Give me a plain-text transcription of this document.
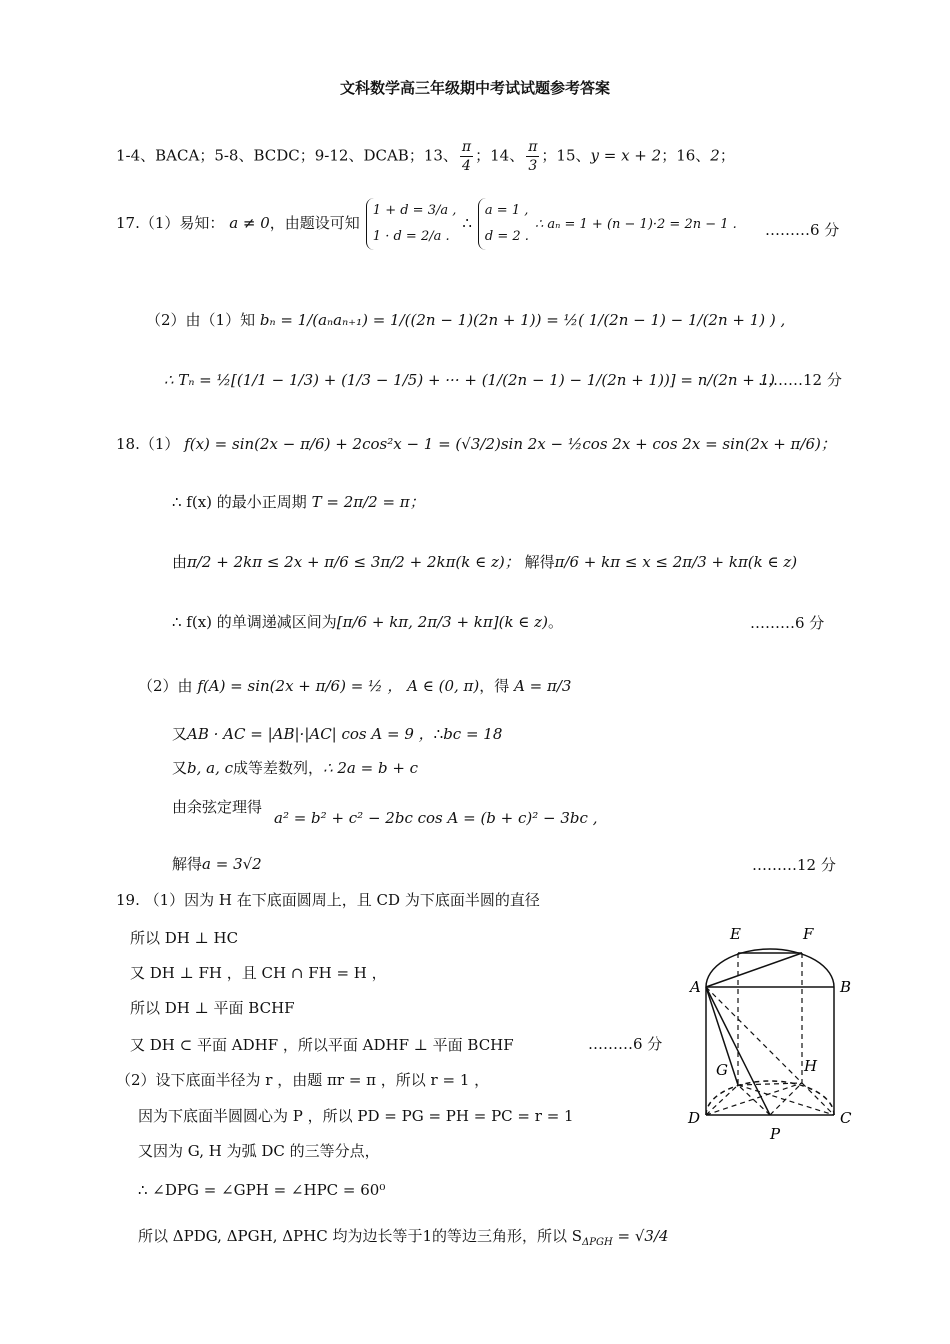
文科数学高三年级期中考试试题参考答案
1-4、BACA；5-8、BCDC；9-12、DCAB；13、 $\frac{\pi}{4}$ ；14、 $\frac{\pi}{3}$ ；15、y = x + 2；16、2；
17.（1）易知： a ≠ 0，由题设可知
1 + d = 3/a ,
1 · d = 2/a .
∴
a = 1 ,
d = 2 .
∴ aₙ = 1 + (n − 1)·2 = 2n − 1 . ………6 分
（2）由（1）知 bₙ = 1/(aₙaₙ₊₁) = 1/((2n − 1)(2n + 1)) = ½( 1/(2n − 1) − 1/(2n + 1) ) ,
∴ Tₙ = ½[(1/1 − 1/3) + (1/3 − 1/5) + ··· + (1/(2n − 1) − 1/(2n + 1))] = n/(2n + 1)
………12 分
18.（1） f(x) = sin(2x − π/6) + 2cos²x − 1 = (√3/2)sin 2x − ½cos 2x + cos 2x = sin(2x + π/6)；
∴ f(x) 的最小正周期 T = 2π/2 = π；
由π/2 + 2kπ ≤ 2x + π/6 ≤ 3π/2 + 2kπ(k ∈ z)； 解得π/6 + kπ ≤ x ≤ 2π/3 + kπ(k ∈ z)
∴ f(x) 的单调递减区间为[π/6 + kπ, 2π/3 + kπ](k ∈ z)。	………6 分
（2）由 f(A) = sin(2x + π/6) = ½ ， A ∈ (0, π)，得 A = π/3
又AB · AC = |AB|·|AC| cos A = 9 ，∴bc = 18
又b, a, c成等差数列，∴ 2a = b + c
由余弦定理得
a² = b² + c² − 2bc cos A = (b + c)² − 3bc ,
解得a = 3√2	………12 分
19. （1）因为 H 在下底面圆周上，且 CD 为下底面半圆的直径
所以 DH ⊥ HC
又 DH ⊥ FH ，且 CH ∩ FH = H ，
所以 DH ⊥ 平面 BCHF
又 DH ⊂ 平面 ADHF ，所以平面 ADHF ⊥ 平面 BCHF	………6 分
（2）设下底面半径为 r ，由题 πr = π ，所以 r = 1 ，
因为下底面半圆圆心为 P ，所以 PD = PG = PH = PC = r = 1
又因为 G, H 为弧 DC 的三等分点，
∴ ∠DPG = ∠GPH = ∠HPC = 60⁰
所以 ΔPDG, ΔPGH, ΔPHC 均为边长等于1的等边三角形，所以 $S_{\Delta PGH} = √3/4$
E	F
A	B
G	H
D
P
C
